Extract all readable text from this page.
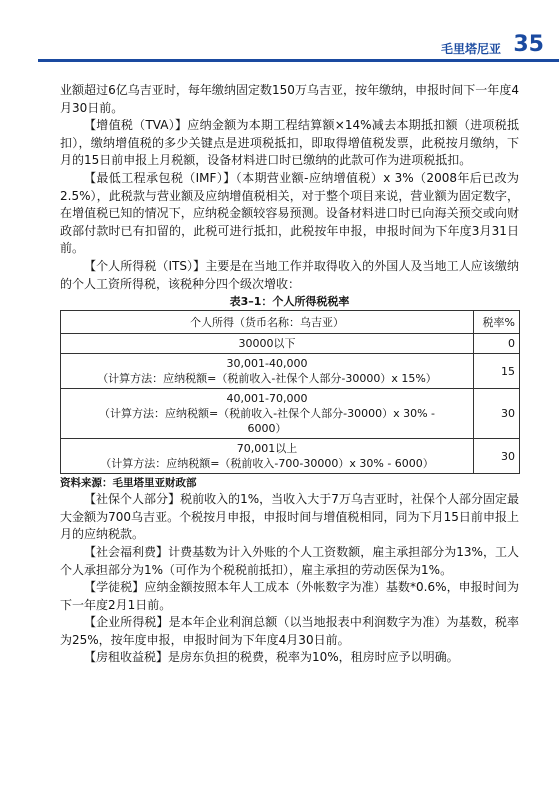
毛里塔尼亚 35

业额超过6亿乌吉亚时，每年缴纳固定数150万乌吉亚，按年缴纳，申报时间下一年度4月30日前。

【增值税（TVA）】应纳金额为本期工程结算额×14%减去本期抵扣额（进项税抵扣），缴纳增值税的多少关键点是进项税抵扣，即取得增值税发票，此税按月缴纳，下月的15日前申报上月税额，设备材料进口时已缴纳的此款可作为进项税抵扣。

【最低工程承包税（IMF）】（本期营业额-应纳增值税）x 3%（2008年后已改为2.5%），此税款与营业额及应纳增值税相关，对于整个项目来说，营业额为固定数字，在增值税已知的情况下，应纳税金额较容易预测。设备材料进口时已向海关预交或向财政部付款时已有扣留的，此税可进行抵扣，此税按年申报，申报时间为下年度3月31日前。

【个人所得税（ITS）】主要是在当地工作并取得收入的外国人及当地工人应该缴纳的个人工资所得税，该税种分四个级次增收：

表3–1：个人所得税税率
个人所得（货币名称：乌吉亚）	税率%

30000以下	0

30,001-40,000
（计算方法：应纳税额=（税前收入-社保个人部分-30000）x 15%）	15

40,001-70,000
（计算方法：应纳税额=（税前收入-社保个人部分-30000）x 30% -
6000）	30

70,001以上
（计算方法：应纳税额=（税前收入-700-30000）x 30% - 6000）	30
资料来源：毛里塔里亚财政部

【社保个人部分】税前收入的1%，当收入大于7万乌吉亚时，社保个人部分固定最大金额为700乌吉亚。个税按月申报，申报时间与增值税相同，同为下月15日前申报上月的应纳税款。

【社会福利费】计费基数为计入外账的个人工资数额，雇主承担部分为13%，工人个人承担部分为1%（可作为个税税前抵扣），雇主承担的劳动医保为1%。

【学徒税】应纳金额按照本年人工成本（外帐数字为准）基数*0.6%，申报时间为下一年度2月1日前。

【企业所得税】是本年企业利润总额（以当地报表中利润数字为准）为基数，税率为25%，按年度申报，申报时间为下年度4月30日前。

【房租收益税】是房东负担的税费，税率为10%，租房时应予以明确。
